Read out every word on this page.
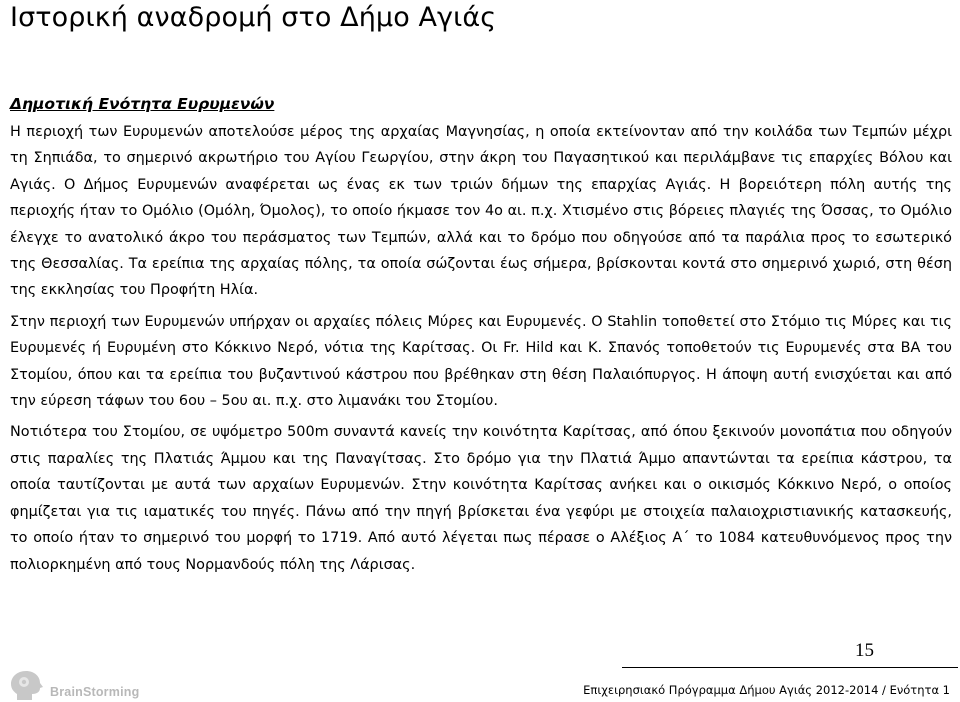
Ιστορική αναδρομή στο Δήμο Αγιάς
Δημοτική Ενότητα Ευρυμενών

Η περιοχή των Ευρυμενών αποτελούσε μέρος της αρχαίας Μαγνησίας, η οποία εκτείνονταν από την κοιλάδα των Τεμπών μέχρι τη Σηπιάδα, το σημερινό ακρωτήριο του Αγίου Γεωργίου, στην άκρη του Παγασητικού και περιλάμβανε τις επαρχίες Βόλου και Αγιάς. Ο Δήμος Ευρυμενών αναφέρεται ως ένας εκ των τριών δήμων της επαρχίας Αγιάς. Η βορειότερη πόλη αυτής της περιοχής ήταν το Ομόλιο (Ομόλη, Όμολος), το οποίο ήκμασε τον 4ο αι. π.χ. Χτισμένο στις βόρειες πλαγιές της Όσσας, το Ομόλιο έλεγχε το ανατολικό άκρο του περάσματος των Τεμπών, αλλά και το δρόμο που οδηγούσε από τα παράλια προς το εσωτερικό της Θεσσαλίας. Τα ερείπια της αρχαίας πόλης, τα οποία σώζονται έως σήμερα, βρίσκονται κοντά στο σημερινό χωριό, στη θέση της εκκλησίας του Προφήτη Ηλία.

Στην περιοχή των Ευρυμενών υπήρχαν οι αρχαίες πόλεις Μύρες και Ευρυμενές. Ο Stahlin τοποθετεί στο Στόμιο τις Μύρες και τις Ευρυμενές ή Ευρυμένη στο Κόκκινο Νερό, νότια της Καρίτσας. Οι Fr. Hild και Κ. Σπανός τοποθετούν τις Ευρυμενές στα ΒΑ του Στομίου, όπου και τα ερείπια του βυζαντινού κάστρου που βρέθηκαν στη θέση Παλαιόπυργος. Η άποψη αυτή ενισχύεται και από την εύρεση τάφων του 6ου – 5ου αι. π.χ. στο λιμανάκι του Στομίου.

Νοτιότερα του Στομίου, σε υψόμετρο 500m συναντά κανείς την κοινότητα Καρίτσας, από όπου ξεκινούν μονοπάτια που οδηγούν στις παραλίες της Πλατιάς Άμμου και της Παναγίτσας. Στο δρόμο για την Πλατιά Άμμο απαντώνται τα ερείπια κάστρου, τα οποία ταυτίζονται με αυτά των αρχαίων Ευρυμενών. Στην κοινότητα Καρίτσας ανήκει και ο οικισμός Κόκκινο Νερό, ο οποίος φημίζεται για τις ιαματικές του πηγές. Πάνω από την πηγή βρίσκεται ένα γεφύρι με στοιχεία παλαιοχριστιανικής κατασκευής, το οποίο ήταν το σημερινό του μορφή το 1719. Από αυτό λέγεται πως πέρασε ο Αλέξιος Α΄ το 1084 κατευθυνόμενος προς την πολιορκημένη από τους Νορμανδούς πόλη της Λάρισας.

15
BrainStorming	Επιχειρησιακό Πρόγραμμα Δήμου Αγιάς 2012-2014 / Ενότητα 1
